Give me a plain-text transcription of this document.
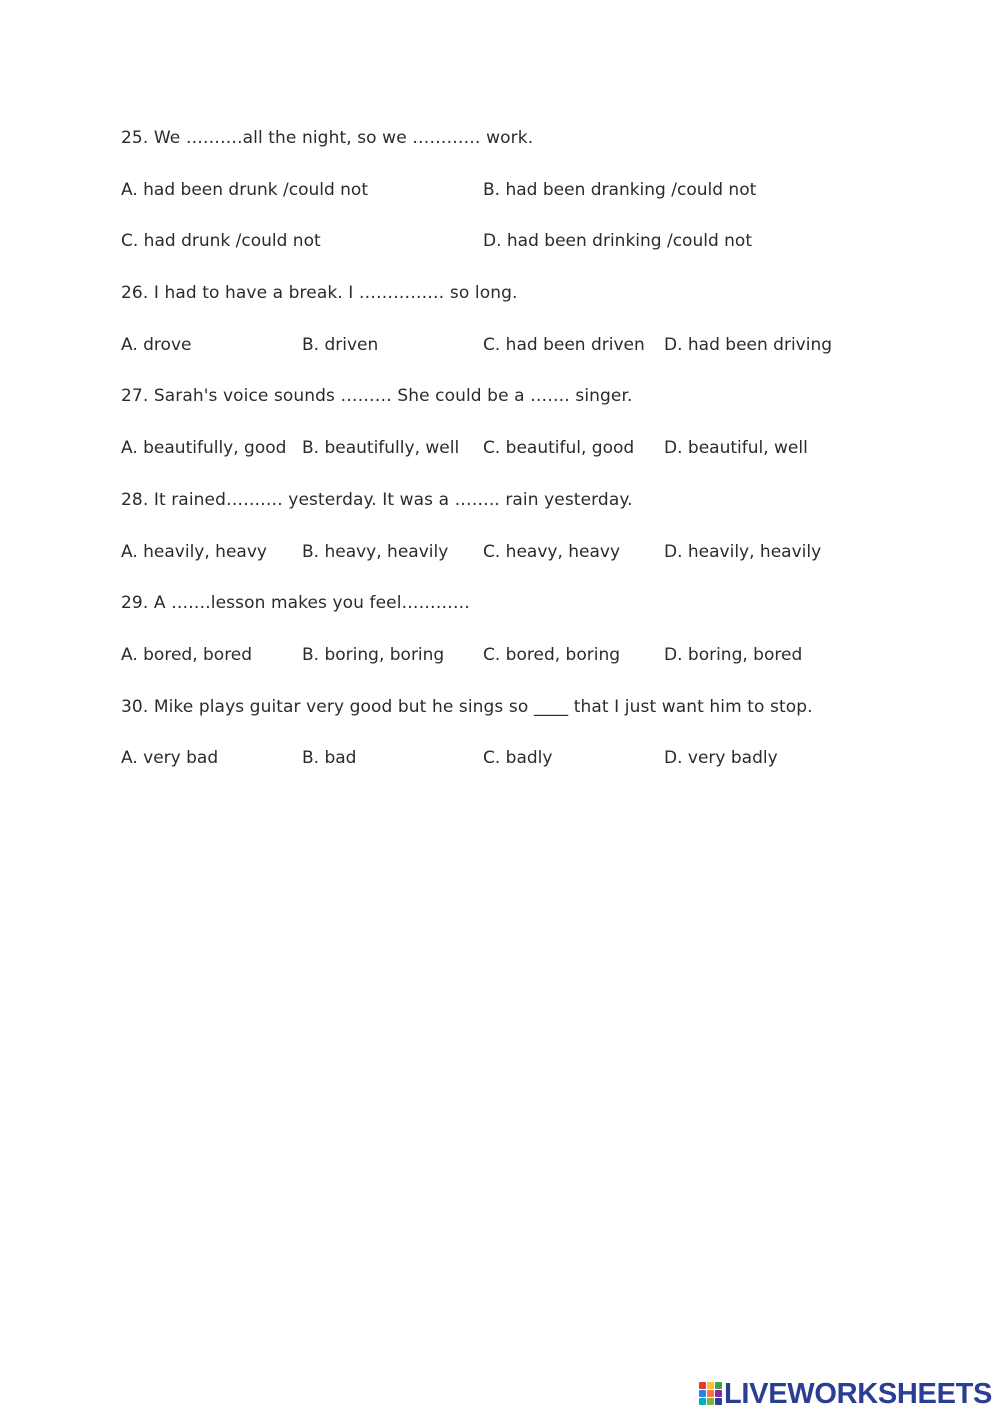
25. We ……….all the night, so we ………… work.
A. had been drunk /could not	B. had been dranking /could not
C. had drunk /could not	D. had been drinking /could not
26. I had to have a break. I …………… so long.
A. drove	B. driven	C. had been driven D. had been driving
27. Sarah's voice sounds ……… She could be a ……. singer.
A. beautifully, good B. beautifully, well C. beautiful, good D. beautiful, well
28. It rained………. yesterday. It was a …….. rain yesterday.
A. heavily, heavy B. heavy, heavily C. heavy, heavy	D. heavily, heavily
29. A …….lesson makes you feel…………
A. bored, bored	B. boring, boring C. bored, boring	D. boring, bored
30. Mike plays guitar very good but he sings so ____ that I just want him to stop.
A. very bad	B. bad	C. badly	D. very badly
LIVEWORKSHEETS
